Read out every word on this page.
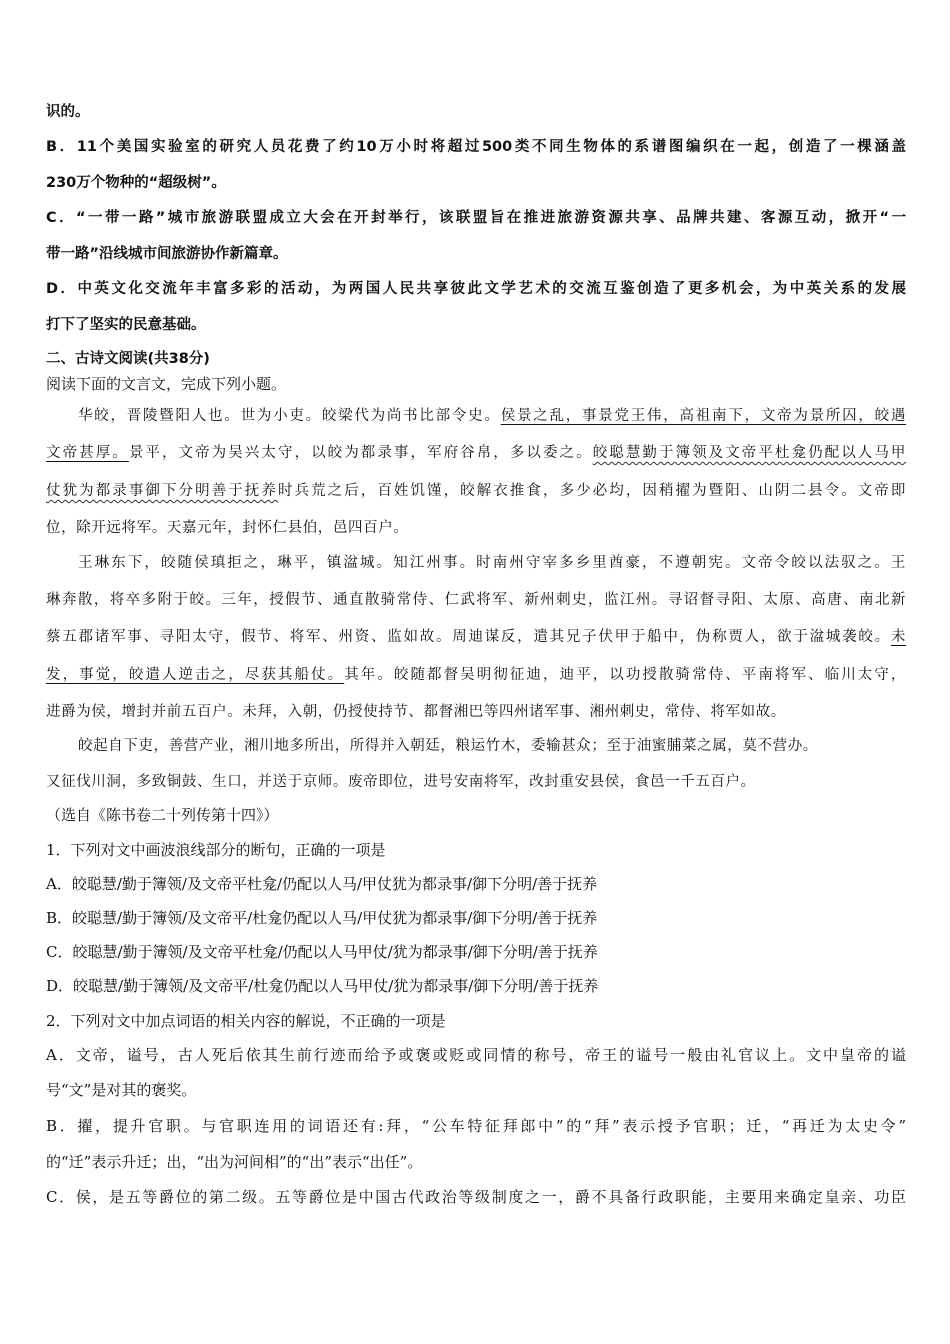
识的。
B．11个美国实验室的研究人员花费了约10万小时将超过500类不同生物体的系谱图编织在一起，创造了一棵涵盖
230万个物种的“超级树”。
C．“一带一路”城市旅游联盟成立大会在开封举行，该联盟旨在推进旅游资源共享、品牌共建、客源互动，掀开“一
带一路”沿线城市间旅游协作新篇章。
D．中英文化交流年丰富多彩的活动，为两国人民共享彼此文学艺术的交流互鉴创造了更多机会，为中英关系的发展
打下了坚实的民意基础。
二、古诗文阅读(共38分)
阅读下面的文言文，完成下列小题。
华皎，晋陵暨阳人也。世为小吏。皎梁代为尚书比部令史。侯景之乱，事景党王伟，高祖南下，文帝为景所囚，皎遇
文帝甚厚。景平，文帝为吴兴太守，以皎为都录事，军府谷帛，多以委之。皎聪慧勤于簿领及文帝平杜龛仍配以人马甲
仗犹为都录事御下分明善于抚养时兵荒之后，百姓饥馑，皎解衣推食，多少必均，因稍擢为暨阳、山阴二县令。文帝即
位，除开远将军。天嘉元年，封怀仁县伯，邑四百户。
王琳东下，皎随侯瑱拒之，琳平，镇湓城。知江州事。时南州守宰多乡里酋豪，不遵朝宪。文帝令皎以法驭之。王
琳奔散，将卒多附于皎。三年，授假节、通直散骑常侍、仁武将军、新州刺史，监江州。寻诏督寻阳、太原、高唐、南北新
蔡五郡诸军事、寻阳太守，假节、将军、州资、监如故。周迪谋反，遣其兄子伏甲于船中，伪称贾人，欲于湓城袭皎。未
发，事觉，皎遣人逆击之，尽获其船仗。其年。皎随都督吴明彻征迪，迪平，以功授散骑常侍、平南将军、临川太守，
进爵为侯，增封并前五百户。未拜，入朝，仍授使持节、都督湘巴等四州诸军事、湘州刺史，常侍、将军如故。
皎起自下吏，善营产业，湘川地多所出，所得并入朝廷，粮运竹木，委输甚众；至于油蜜脯菜之属，莫不营办。
又征伐川洞，多致铜鼓、生口，并送于京师。废帝即位，进号安南将军，改封重安县侯，食邑一千五百户。
（选自《陈书卷二十列传第十四》）
1．下列对文中画波浪线部分的断句，正确的一项是
A．皎聪慧/勤于簿领/及文帝平杜龛/仍配以人马/甲仗犹为都录事/御下分明/善于抚养
B．皎聪慧/勤于簿领/及文帝平/杜龛仍配以人马/甲仗犹为都录事/御下分明/善于抚养
C．皎聪慧/勤于簿领/及文帝平杜龛/仍配以人马甲仗/犹为都录事/御下分明/善于抚养
D．皎聪慧/勤于簿领/及文帝平/杜龛仍配以人马甲仗/犹为都录事/御下分明/善于抚养
2．下列对文中加点词语的相关内容的解说，不正确的一项是
A．文帝，谥号，古人死后依其生前行迹而给予或褒或贬或同情的称号，帝王的谥号一般由礼官议上。文中皇帝的谥
号“文”是对其的褒奖。
B．擢，提升官职。与官职连用的词语还有:拜，“公车特征拜郎中”的“拜”表示授予官职；迁，“再迁为太史令”
的“迁”表示升迁；出，“出为河间相”的“出”表示“出任”。
C．侯，是五等爵位的第二级。五等爵位是中国古代政治等级制度之一，爵不具备行政职能，主要用来确定皇亲、功臣
